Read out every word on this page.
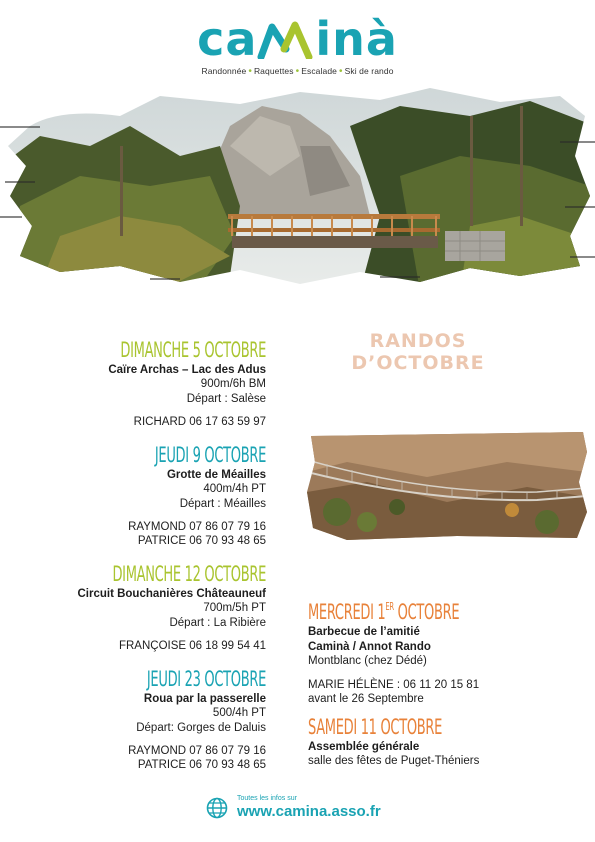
ca inà
Randonnée • Raquettes • Escalade • Ski de rando
RANDOS
D’OCTOBRE
DIMANCHE 5 OCTOBRE
Caïre Archas – Lac des Adus
900m/6h BM
Départ : Salèse
RICHARD 06 17 63 59 97
JEUDI 9 OCTOBRE
Grotte de Méailles
400m/4h PT
Départ : Méailles
RAYMOND 07 86 07 79 16
PATRICE 06 70 93 48 65
DIMANCHE 12 OCTOBRE
Circuit Bouchanières Châteauneuf
700m/5h PT
Départ : La Ribière
FRANÇOISE 06 18 99 54 41
JEUDI 23 OCTOBRE
Roua par la passerelle
500/4h PT
Départ: Gorges de Daluis
RAYMOND 07 86 07 79 16
PATRICE 06 70 93 48 65
MERCREDI 1ER OCTOBRE
Barbecue de l’amitié
Caminà / Annot Rando
Montblanc (chez Dédé)
MARIE HÉLÈNE : 06 11 20 15 81
avant le 26 Septembre
SAMEDI 11 OCTOBRE
Assemblée générale
salle des fêtes de Puget-Théniers
Toutes les infos sur
www.camina.asso.fr
